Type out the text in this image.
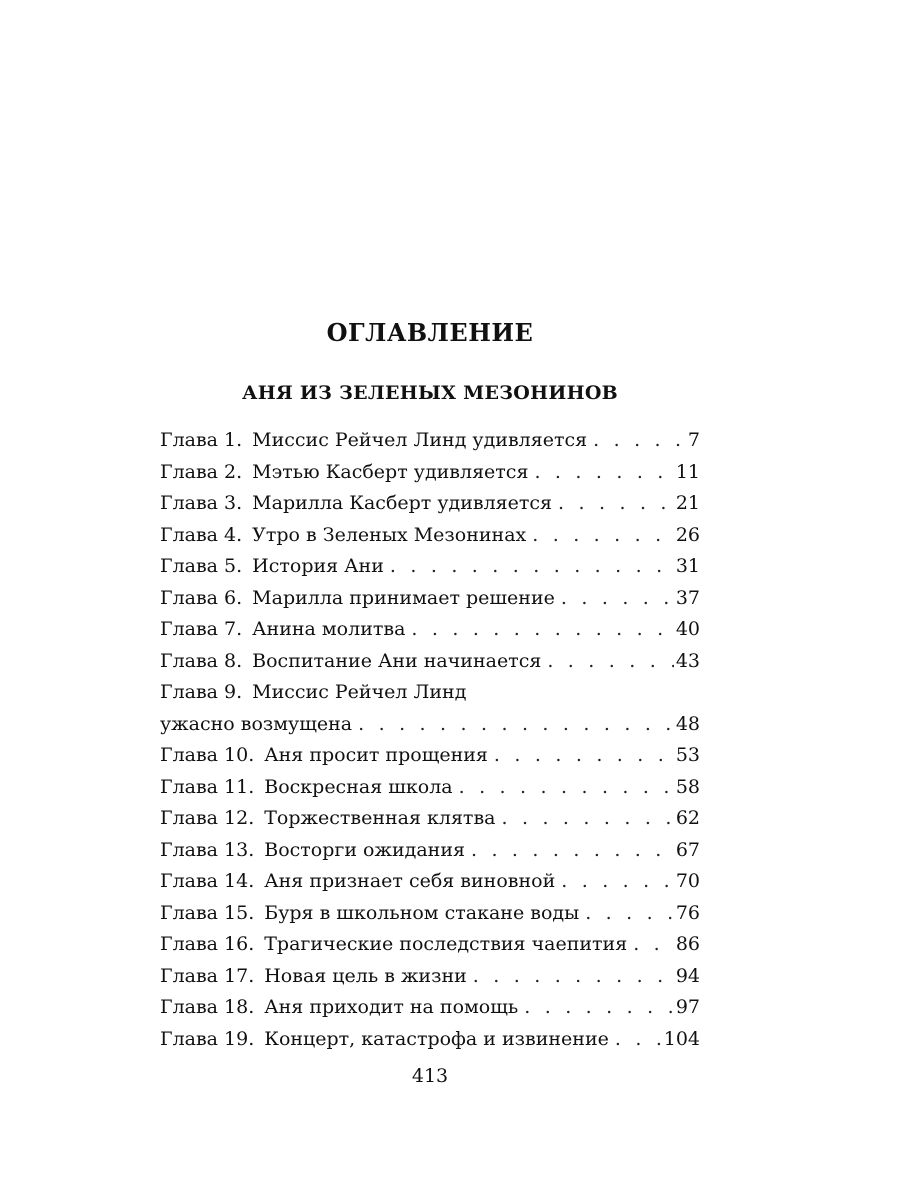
ОГЛАВЛЕНИЕ
АНЯ ИЗ ЗЕЛЕНЫХ МЕЗОНИНОВ
Глава 1. Миссис Рейчел Линд удивляется . . .	7
Глава 2. Мэтью Касберт удивляется . . .	11
Глава 3. Марилла Касберт удивляется . . .	21
Глава 4. Утро в Зеленых Мезонинах . . .	26
Глава 5. История Ани . . .	31
Глава 6. Марилла принимает решение . . .	37
Глава 7. Анина молитва . . .	40
Глава 8. Воспитание Ани начинается . . .	43
Глава 9. Миссис Рейчел Линд
ужасно возмущена . . .	48
Глава 10. Аня просит прощения . . .	53
Глава 11. Воскресная школа . . .	58
Глава 12. Торжественная клятва . . .	62
Глава 13. Восторги ожидания . . .	67
Глава 14. Аня признает себя виновной . . .	70
Глава 15. Буря в школьном стакане воды . . .	76
Глава 16. Трагические последствия чаепития . . .	86
Глава 17. Новая цель в жизни . . .	94
Глава 18. Аня приходит на помощь . . .	97
Глава 19. Концерт, катастрофа и извинение . . .	104
413
